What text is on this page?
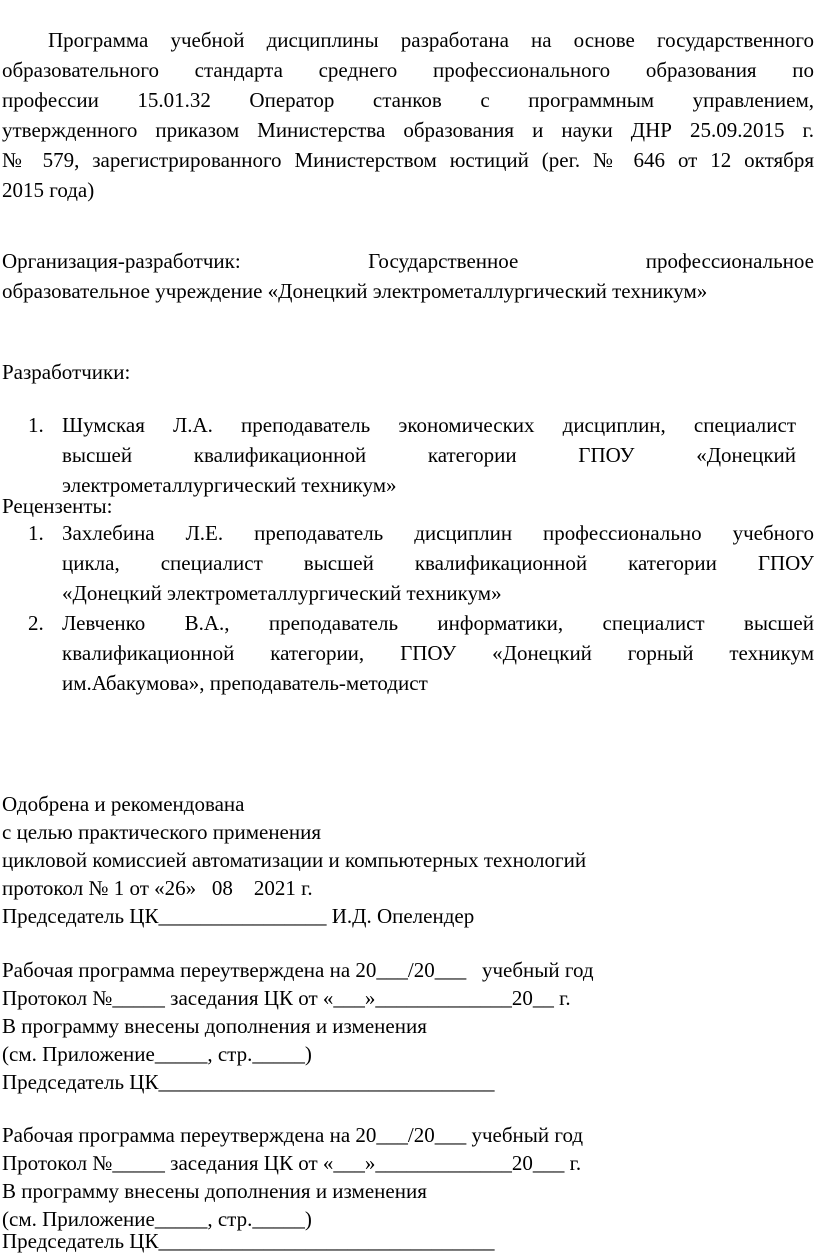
Программа учебной дисциплины разработана на основе государственного
образовательного стандарта среднего профессионального образования по
профессии 15.01.32 Оператор станков с программным управлением,
утвержденного приказом Министерства образования и науки ДНР 25.09.2015 г.
№ 579, зарегистрированного Министерством юстиций (рег. № 646 от 12 октября
2015 года)
Организация-разработчик: Государственное профессиональное
образовательное учреждение «Донецкий электрометаллургический техникум»
Разработчики:
1. Шумская Л.А. преподаватель экономических дисциплин, специалист
высшей квалификационной категории ГПОУ «Донецкий
электрометаллургический техникум»
Рецензенты:
1. Захлебина Л.Е. преподаватель дисциплин профессионально учебного
цикла, специалист высшей квалификационной категории ГПОУ
«Донецкий электрометаллургический техникум»
2. Левченко В.А., преподаватель информатики, специалист высшей
квалификационной категории, ГПОУ «Донецкий горный техникум
им.Абакумова», преподаватель-методист
Одобрена и рекомендована
с целью практического применения
цикловой комиссией автоматизации и компьютерных технологий
протокол № 1 от «26»   08    2021 г.
Председатель ЦК________________ И.Д. Опелендер
Рабочая программа переутверждена на 20___/20___   учебный год
Протокол №_____ заседания ЦК от «___»_____________20__ г.
В программу внесены дополнения и изменения
(см. Приложение_____, стр._____)
Председатель ЦК________________________________
Рабочая программа переутверждена на 20___/20___ учебный год
Протокол №_____ заседания ЦК от «___»_____________20___ г.
В программу внесены дополнения и изменения
(см. Приложение_____, стр._____)
Председатель ЦК________________________________
